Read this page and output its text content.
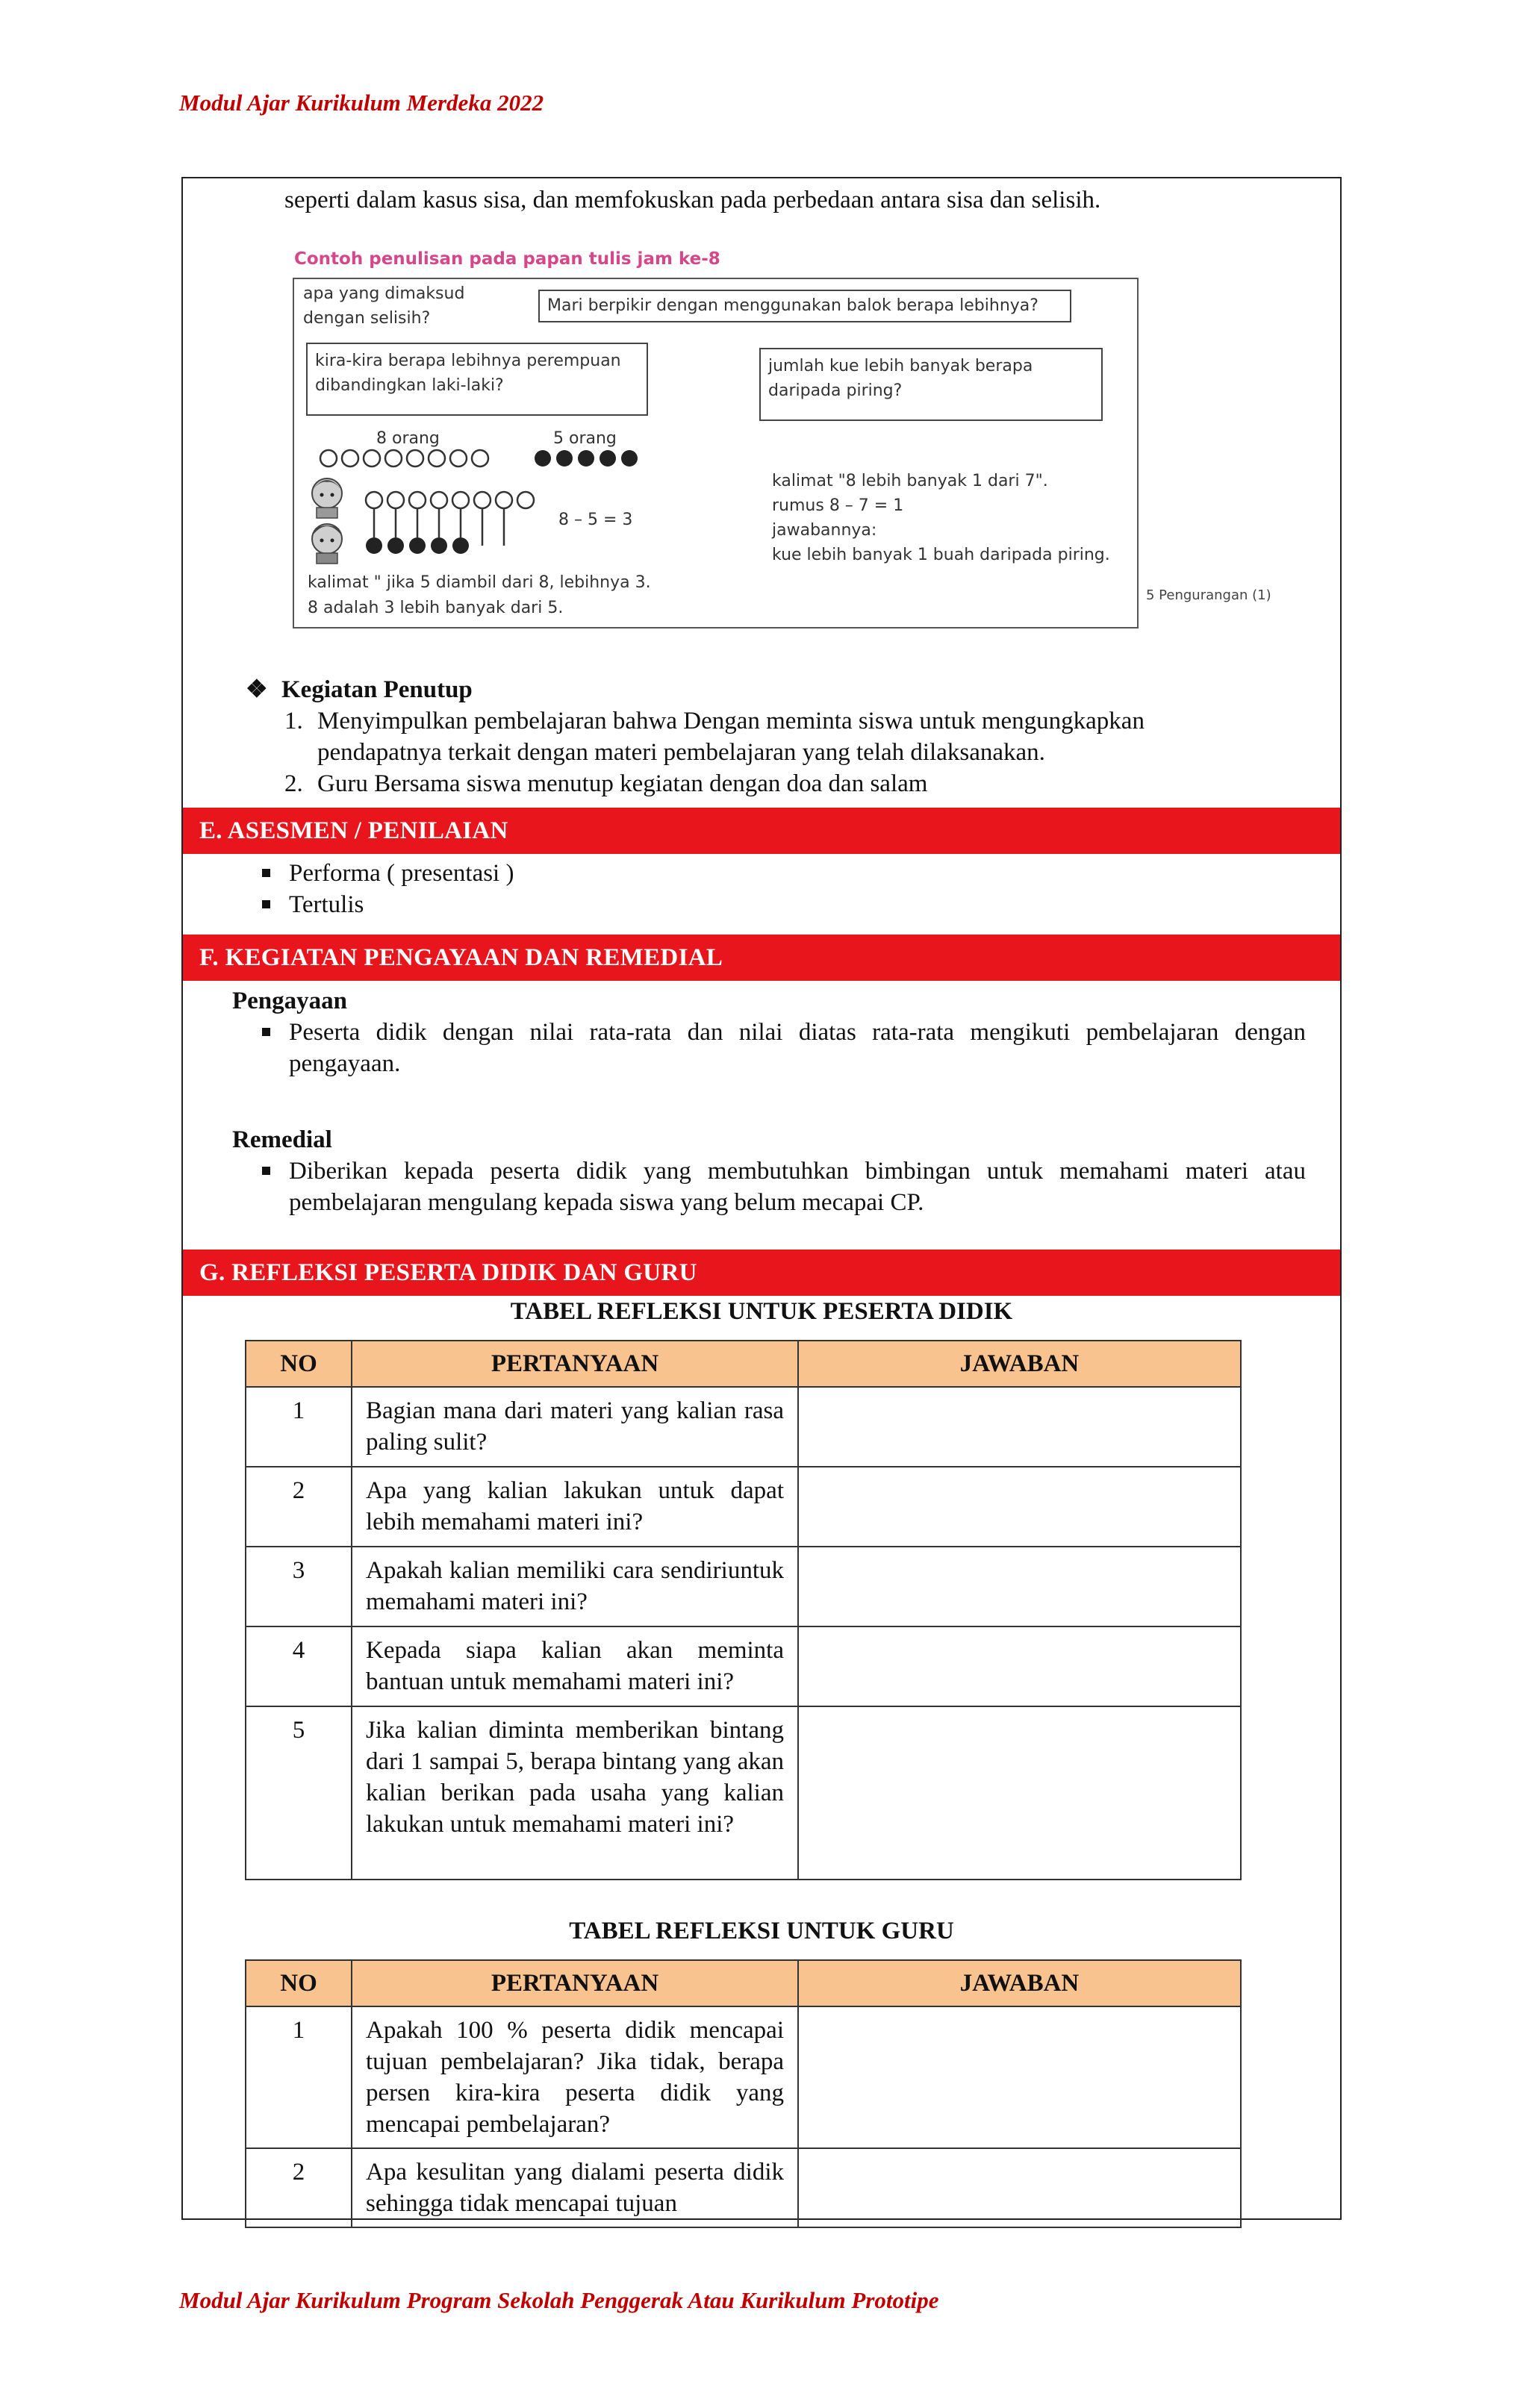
Modul Ajar Kurikulum Merdeka 2022
seperti dalam kasus sisa, dan memfokuskan pada perbedaan antara sisa dan selisih.
Contoh penulisan pada papan tulis jam ke-8
apa yang dimaksud
dengan selisih?
Mari berpikir dengan menggunakan balok berapa lebihnya?
kira-kira berapa lebihnya perempuan
dibandingkan laki-laki?
jumlah kue lebih banyak berapa
daripada piring?
8 orang	5 orang
8 – 5 = 3
kalimat " jika 5 diambil dari 8, lebihnya 3.
8 adalah 3 lebih banyak dari 5.
kalimat "8 lebih banyak 1 dari 7".
rumus 8 – 7 = 1
jawabannya:
kue lebih banyak 1 buah daripada piring.
5 Pengurangan (1)
❖ Kegiatan Penutup
1. Menyimpulkan pembelajaran bahwa Dengan meminta siswa untuk mengungkapkan
pendapatnya terkait dengan materi pembelajaran yang telah dilaksanakan.
2. Guru Bersama siswa menutup kegiatan dengan doa dan salam
E. ASESMEN / PENILAIAN
Performa ( presentasi )
Tertulis
F. KEGIATAN PENGAYAAN DAN REMEDIAL
Pengayaan
Peserta didik dengan nilai rata-rata dan nilai diatas rata-rata mengikuti pembelajaran dengan pengayaan.
Remedial
Diberikan kepada peserta didik yang membutuhkan bimbingan untuk memahami materi atau pembelajaran mengulang kepada siswa yang belum mecapai CP.
G. REFLEKSI PESERTA DIDIK DAN GURU
TABEL REFLEKSI UNTUK PESERTA DIDIK
NO	PERTANYAAN	JAWABAN
1	Bagian mana dari materi yang kalian rasa paling sulit?	
2	Apa yang kalian lakukan untuk dapat lebih memahami materi ini?	
3	Apakah kalian memiliki cara sendiriuntuk memahami materi ini?	
4	Kepada siapa kalian akan meminta bantuan untuk memahami materi ini?	
5	Jika kalian diminta memberikan bintang dari 1 sampai 5, berapa bintang yang akan kalian berikan pada usaha yang kalian lakukan untuk memahami materi ini?	
TABEL REFLEKSI UNTUK GURU
NO	PERTANYAAN	JAWABAN
1	Apakah 100 % peserta didik mencapai tujuan pembelajaran? Jika tidak, berapa persen kira-kira peserta didik yang mencapai pembelajaran?	
2	Apa kesulitan yang dialami peserta didik sehingga tidak mencapai tujuan	
Modul Ajar Kurikulum Program Sekolah Penggerak Atau Kurikulum Prototipe
